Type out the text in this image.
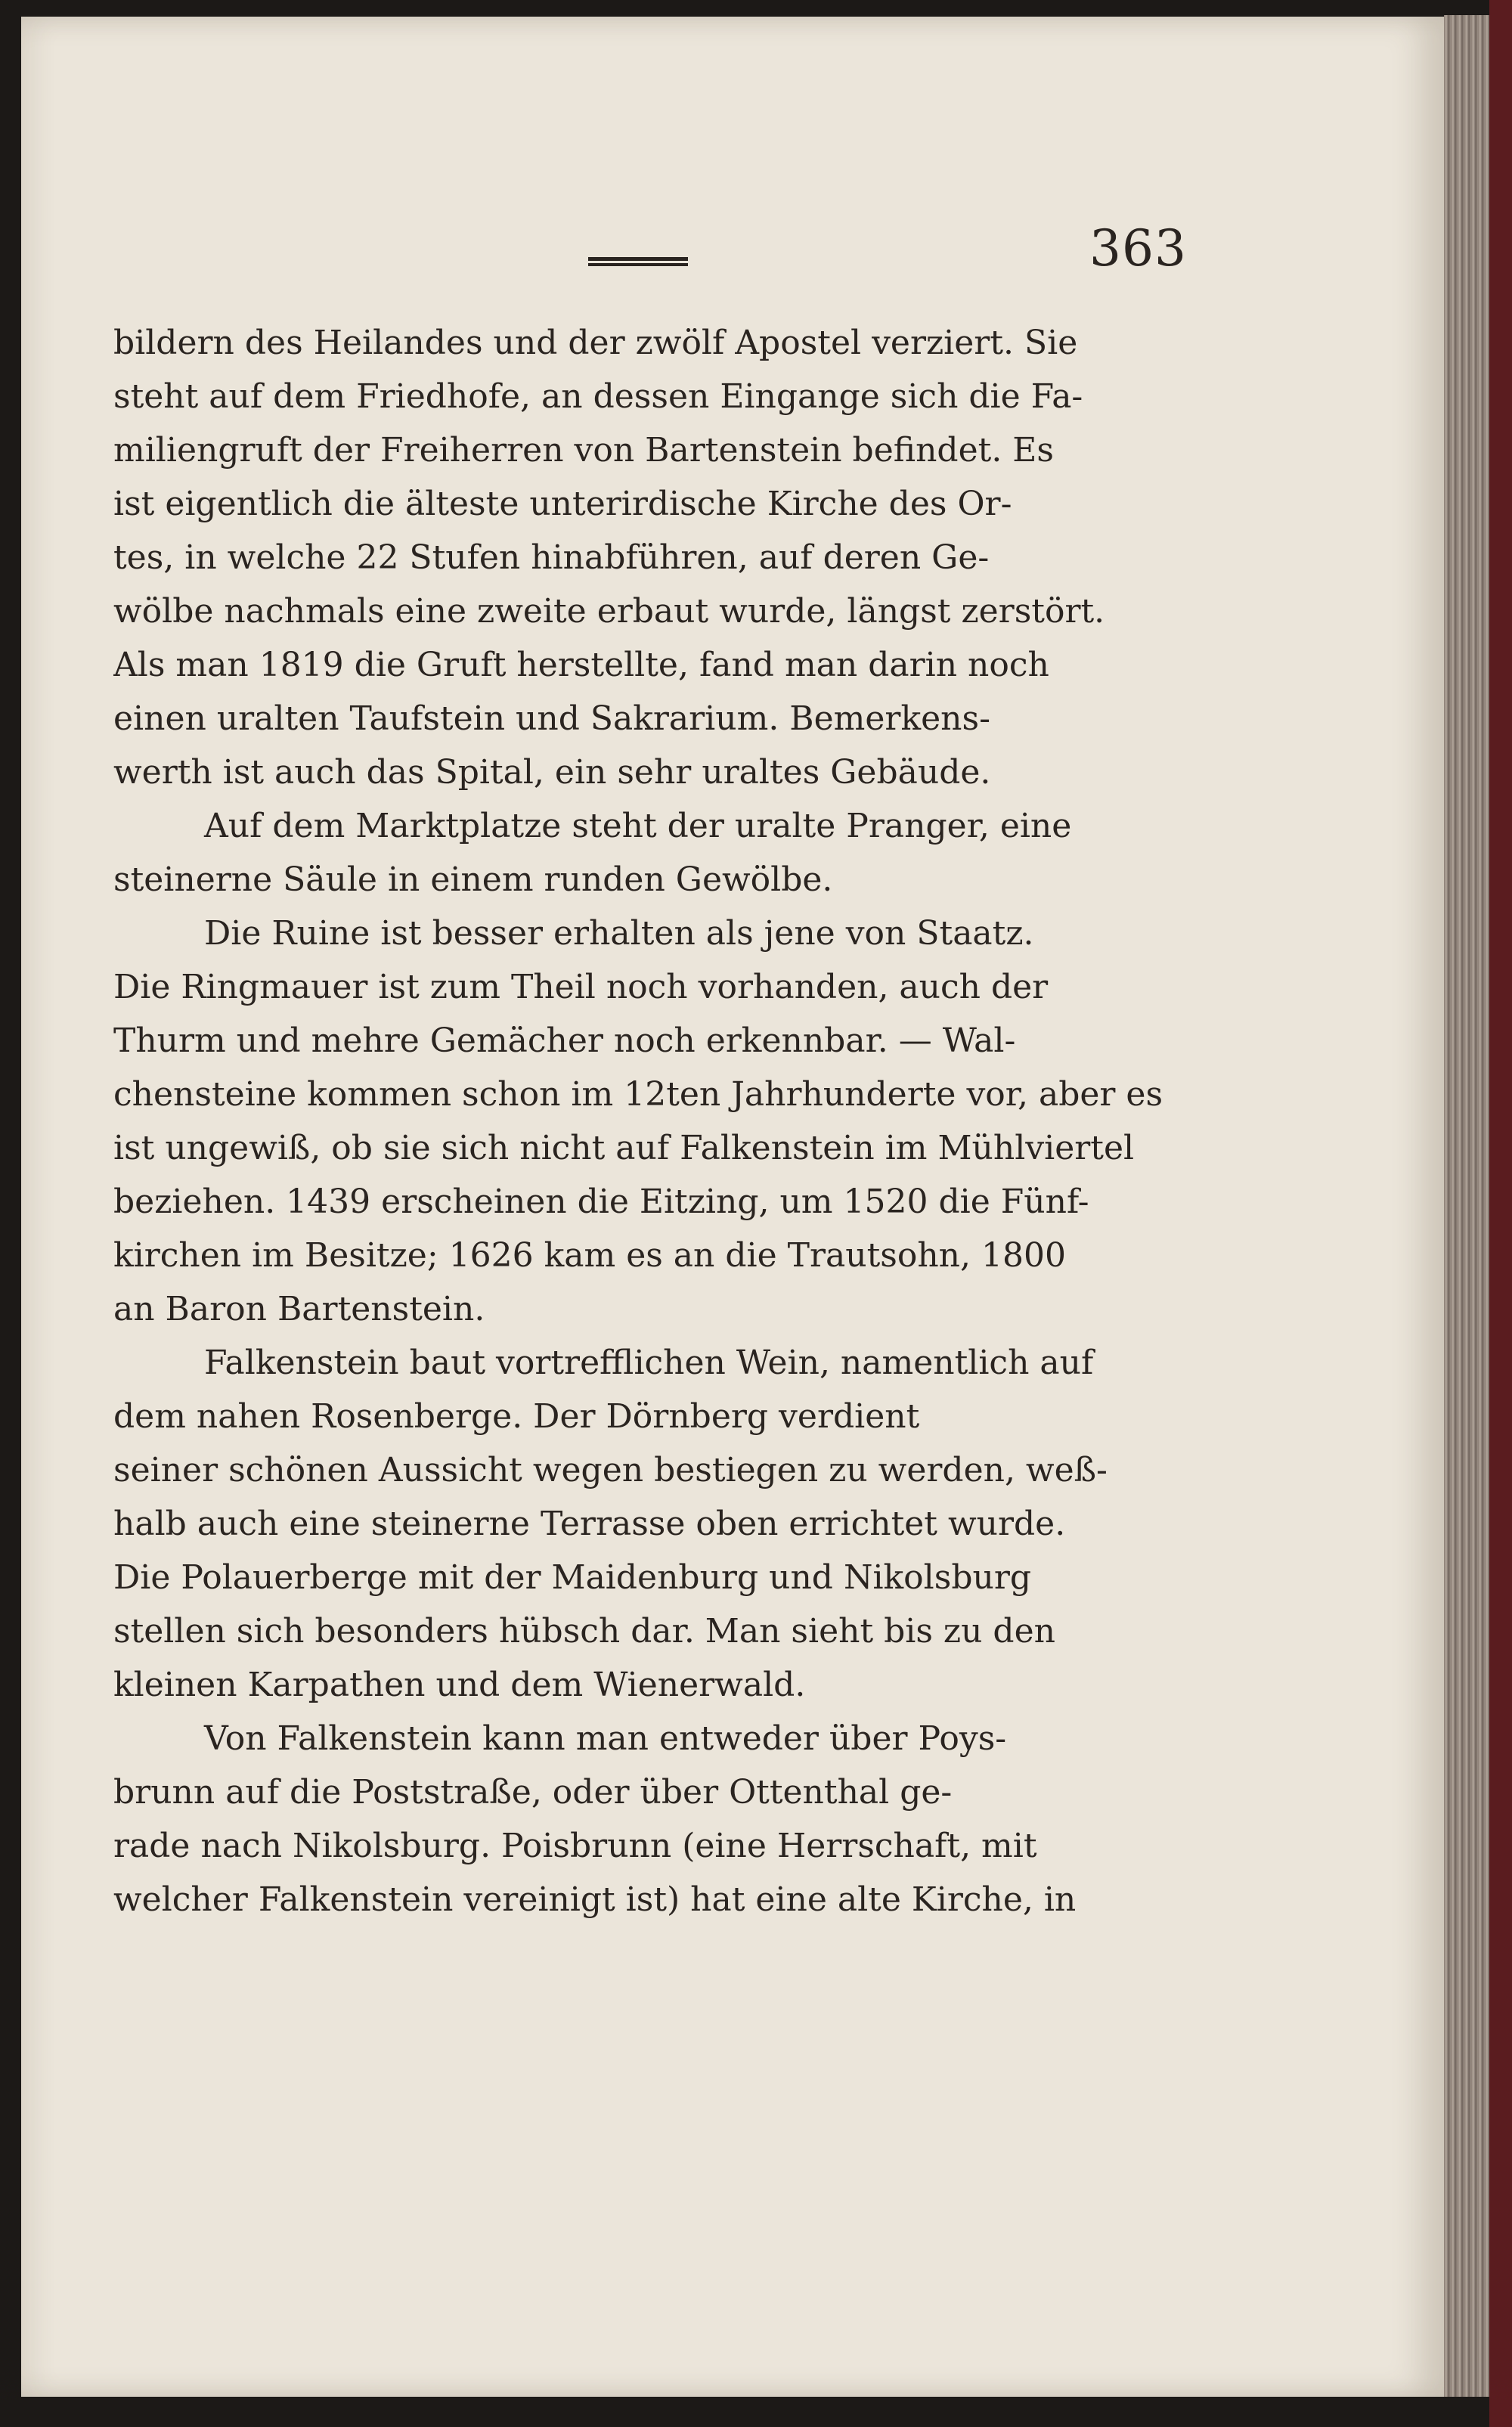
363
bildern des Heilandes und der zwölf Apostel verziert. Sie
steht auf dem Friedhofe, an dessen Eingange sich die Fa-
miliengruft der Freiherren von Bartenstein befindet. Es
ist eigentlich die älteste unterirdische Kirche des Or-
tes, in welche 22 Stufen hinabführen, auf deren Ge-
wölbe nachmals eine zweite erbaut wurde, längst zerstört.
Als man 1819 die Gruft herstellte, fand man darin noch
einen uralten Taufstein und Sakrarium. Bemerkens-
werth ist auch das Spital, ein sehr uraltes Gebäude.
Auf dem Marktplatze steht der uralte Pranger, eine
steinerne Säule in einem runden Gewölbe.
Die Ruine ist besser erhalten als jene von Staatz.
Die Ringmauer ist zum Theil noch vorhanden, auch der
Thurm und mehre Gemächer noch erkennbar. — Wal-
chensteine kommen schon im 12ten Jahrhunderte vor, aber es
ist ungewiß, ob sie sich nicht auf Falkenstein im Mühlviertel
beziehen. 1439 erscheinen die Eitzing, um 1520 die Fünf-
kirchen im Besitze; 1626 kam es an die Trautsohn, 1800
an Baron Bartenstein.
Falkenstein baut vortrefflichen Wein, namentlich auf
dem nahen Rosenberge. Der Dörnberg verdient
seiner schönen Aussicht wegen bestiegen zu werden, weß-
halb auch eine steinerne Terrasse oben errichtet wurde.
Die Polauerberge mit der Maidenburg und Nikolsburg
stellen sich besonders hübsch dar. Man sieht bis zu den
kleinen Karpathen und dem Wienerwald.
Von Falkenstein kann man entweder über Poys-
brunn auf die Poststraße, oder über Ottenthal ge-
rade nach Nikolsburg. Poisbrunn (eine Herrschaft, mit
welcher Falkenstein vereinigt ist) hat eine alte Kirche, in
